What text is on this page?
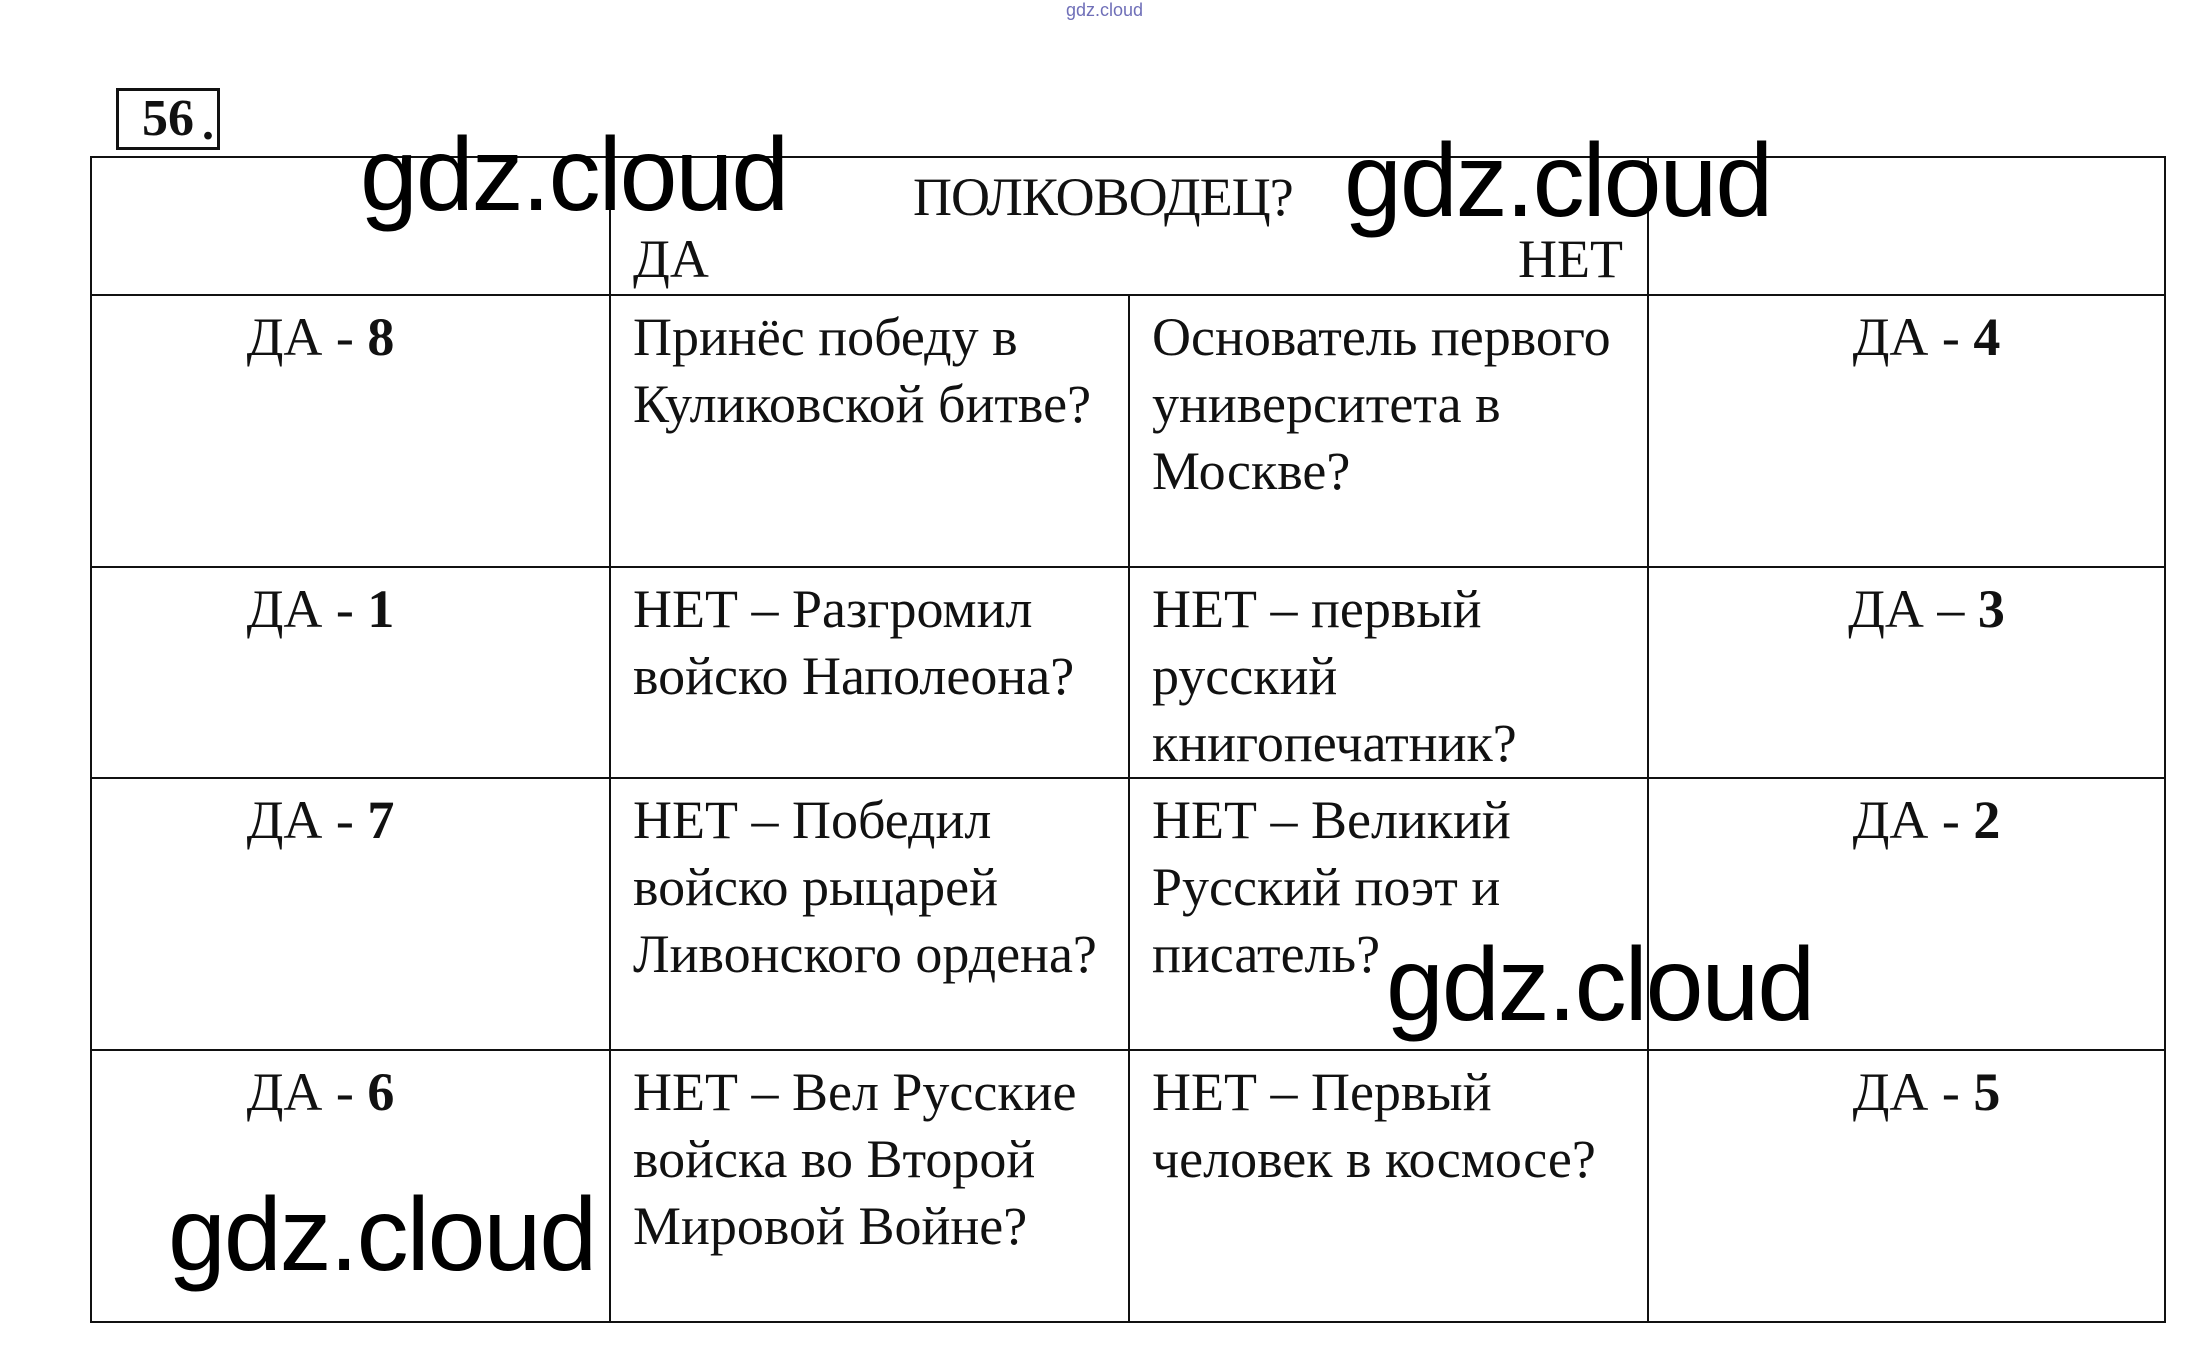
gdz.cloud
56 .

	ПОЛКОВОДЕЦ?
ДА НЕТ		

ДА - 8	Принёс победу в Куликовской битве?	Основатель первого университета в Москве?	ДА - 4
ДА - 1	НЕТ – Разгромил войско Наполеона?	НЕТ – первый русский книгопечатник?	ДА – 3
ДА - 7	НЕТ – Победил войско рыцарей Ливонского ордена?	НЕТ – Великий Русский поэт и писатель?	ДА - 2
ДА - 6	НЕТ – Вел Русские войска во Второй Мировой Войне?	НЕТ – Первый человек в космосе?	ДА - 5
gdz.cloud	gdz.cloud
gdz.cloud
gdz.cloud
